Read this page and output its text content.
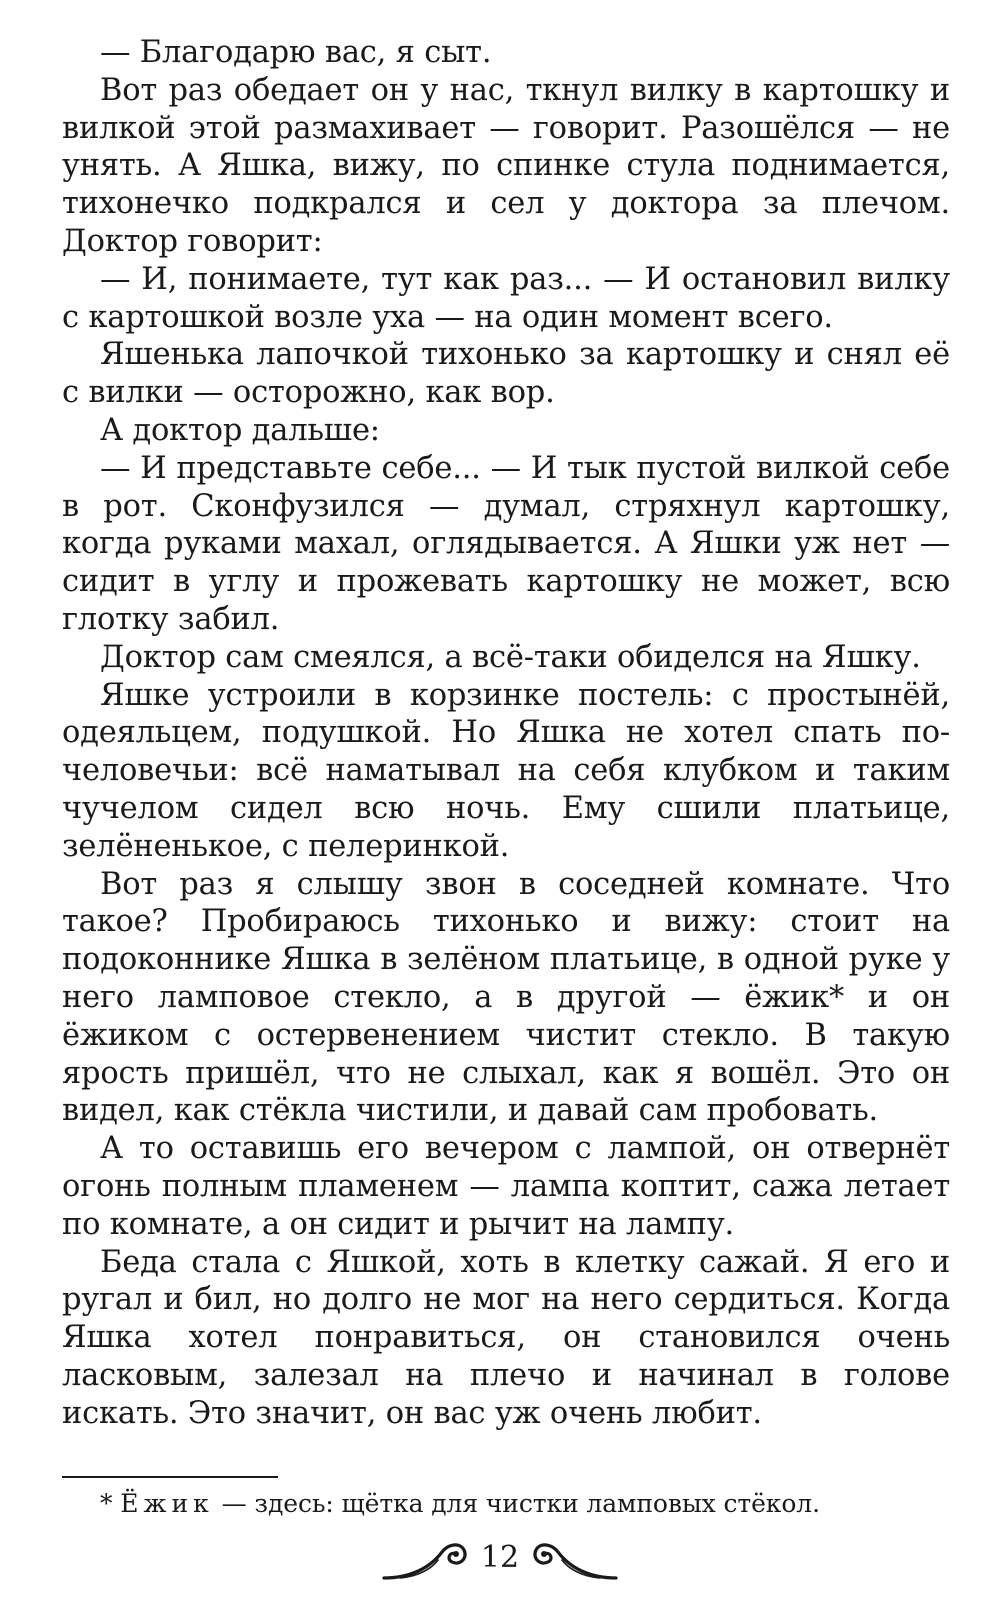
— Благодарю вас, я сыт.

Вот раз обедает он у нас, ткнул вилку в картошку и вилкой этой размахивает — говорит. Разошёлся — не унять. А Яшка, вижу, по спинке стула поднимается, тихонечко подкрался и сел у доктора за плечом. Доктор говорит:

— И, понимаете, тут как раз... — И остановил вилку с картошкой возле уха — на один момент всего.

Яшенька лапочкой тихонько за картошку и снял её с вилки — осторожно, как вор.

А доктор дальше:

— И представьте себе... — И тык пустой вилкой себе в рот. Сконфузился — думал, стряхнул картошку, когда руками махал, оглядывается. А Яшки уж нет — сидит в углу и прожевать картошку не может, всю глотку забил.

Доктор сам смеялся, а всё-таки обиделся на Яшку.

Яшке устроили в корзинке постель: с простынёй, одеяльцем, подушкой. Но Яшка не хотел спать по-человечьи: всё наматывал на себя клубком и таким чучелом сидел всю ночь. Ему сшили платьице, зелёненькое, с пелеринкой.

Вот раз я слышу звон в соседней комнате. Что такое? Пробираюсь тихонько и вижу: стоит на подоконнике Яшка в зелёном платьице, в одной руке у него ламповое стекло, а в другой — ёжик* и он ёжиком с остервенением чистит стекло. В такую ярость пришёл, что не слыхал, как я вошёл. Это он видел, как стёкла чистили, и давай сам пробовать.

А то оставишь его вечером с лампой, он отвернёт огонь полным пламенем — лампа коптит, сажа летает по комнате, а он сидит и рычит на лампу.

Беда стала с Яшкой, хоть в клетку сажай. Я его и ругал и бил, но долго не мог на него сердиться. Когда Яшка хотел понравиться, он становился очень ласковым, залезал на плечо и начинал в голове искать. Это значит, он вас уж очень любит.

* Ёжик — здесь: щётка для чистки ламповых стёкол.

12
